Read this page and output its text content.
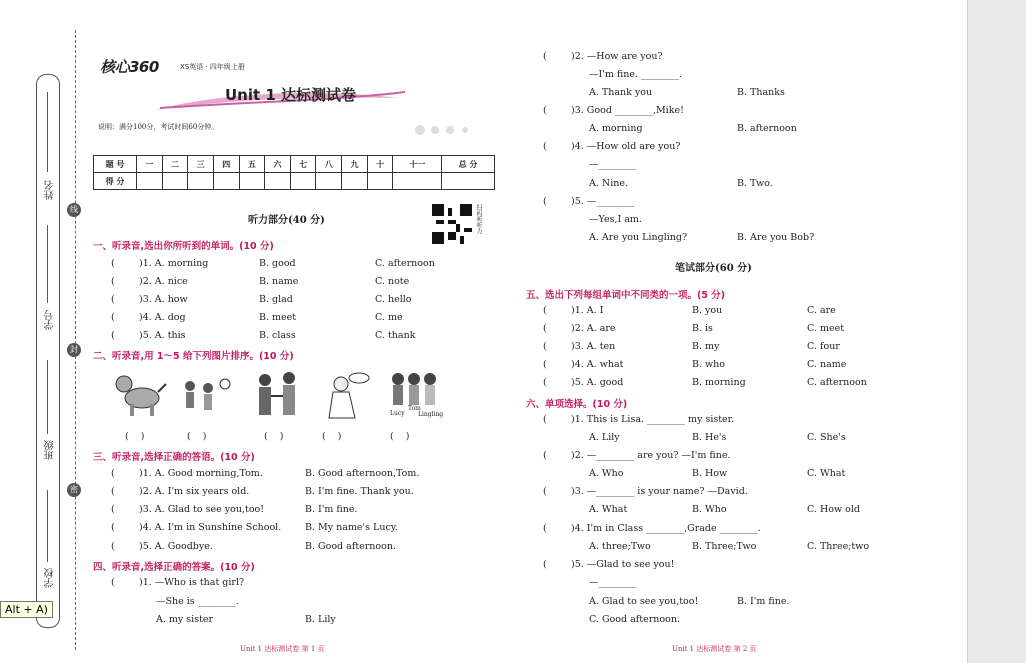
姓名
学号
班级
学校
线
封
密
Alt + A)
核心360	XS英语 · 四年级上册
Unit 1 达标测试卷
说明：满分100分，考试时间60分钟。
题 号	一	二	三	四	五	六	七	八	九	十	十一	总 分
得 分												
听力部分(40 分)	扫码听听力
一、听录音,选出你所听到的单词。(10 分)
(	)1. A. morning	B. good	C. afternoon
(	)2. A. nice	B. name	C. note
(	)3. A. how	B. glad	C. hello
(	)4. A. dog	B. meet	C. me
(	)5. A. this	B. class	C. thank
二、听录音,用 1～5 给下列图片排序。(10 分)
Lucy
Tom
Lingling
(    )	(    )	(    )	(    )	(    )
三、听录音,选择正确的答语。(10 分)
(	)1. A. Good morning,Tom.	B. Good afternoon,Tom.
(	)2. A. I'm six years old.	B. I'm fine. Thank you.
(	)3. A. Glad to see you,too!	B. I'm fine.
(	)4. A. I'm in Sunshine School.	B. My name's Lucy.
(	)5. A. Goodbye.	B. Good afternoon.
四、听录音,选择正确的答案。(10 分)
(	)1. —Who is that girl?
—She is ________.
A. my sister	B. Lily
Unit 1 达标测试卷 第 1 页
(	)2. —How are you?
—I'm fine. ________.
A. Thank you	B. Thanks
(	)3. Good ________,Mike!
A. morning	B. afternoon
(	)4. —How old are you?
—________
A. Nine.	B. Two.
(	)5. —________
—Yes,I am.
A. Are you Lingling?	B. Are you Bob?
笔试部分(60 分)
五、选出下列每组单词中不同类的一项。(5 分)
(	)1. A. I	B. you	C. are
(	)2. A. are	B. is	C. meet
(	)3. A. ten	B. my	C. four
(	)4. A. what	B. who	C. name
(	)5. A. good	B. morning	C. afternoon
六、单项选择。(10 分)
(	)1. This is Lisa. ________ my sister.
A. Lily	B. He's	C. She's
(	)2. —________ are you? —I'm fine.
A. Who	B. How	C. What
(	)3. —________ is your name? —David.
A. What	B. Who	C. How old
(	)4. I'm in Class ________,Grade ________.
A. three;Two	B. Three;Two	C. Three;two
(	)5. —Glad to see you!
—________
A. Glad to see you,too!	B. I'm fine.
C. Good afternoon.
Unit 1 达标测试卷 第 2 页
